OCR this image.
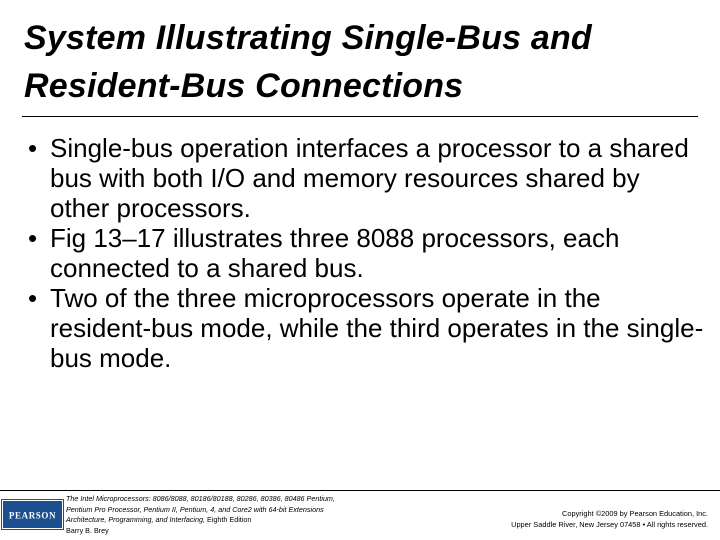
System Illustrating Single-Bus and Resident-Bus Connections
• Single-bus operation interfaces a processor to a shared bus with both I/O and memory resources shared by other processors.
• Fig 13–17 illustrates three 8088 processors, each connected to a shared bus.
• Two of the three microprocessors operate in the resident-bus mode, while the third operates in the single-bus mode.
PEARSON
The Intel Microprocessors: 8086/8088, 80186/80188, 80286, 80386, 80486 Pentium,
Pentium Pro Processor, Pentium II, Pentium, 4, and Core2 with 64-bit Extensions
Architecture, Programming, and Interfacing, Eighth Edition
Barry B. Brey
Copyright ©2009 by Pearson Education, Inc.
Upper Saddle River, New Jersey 07458 • All rights reserved.
